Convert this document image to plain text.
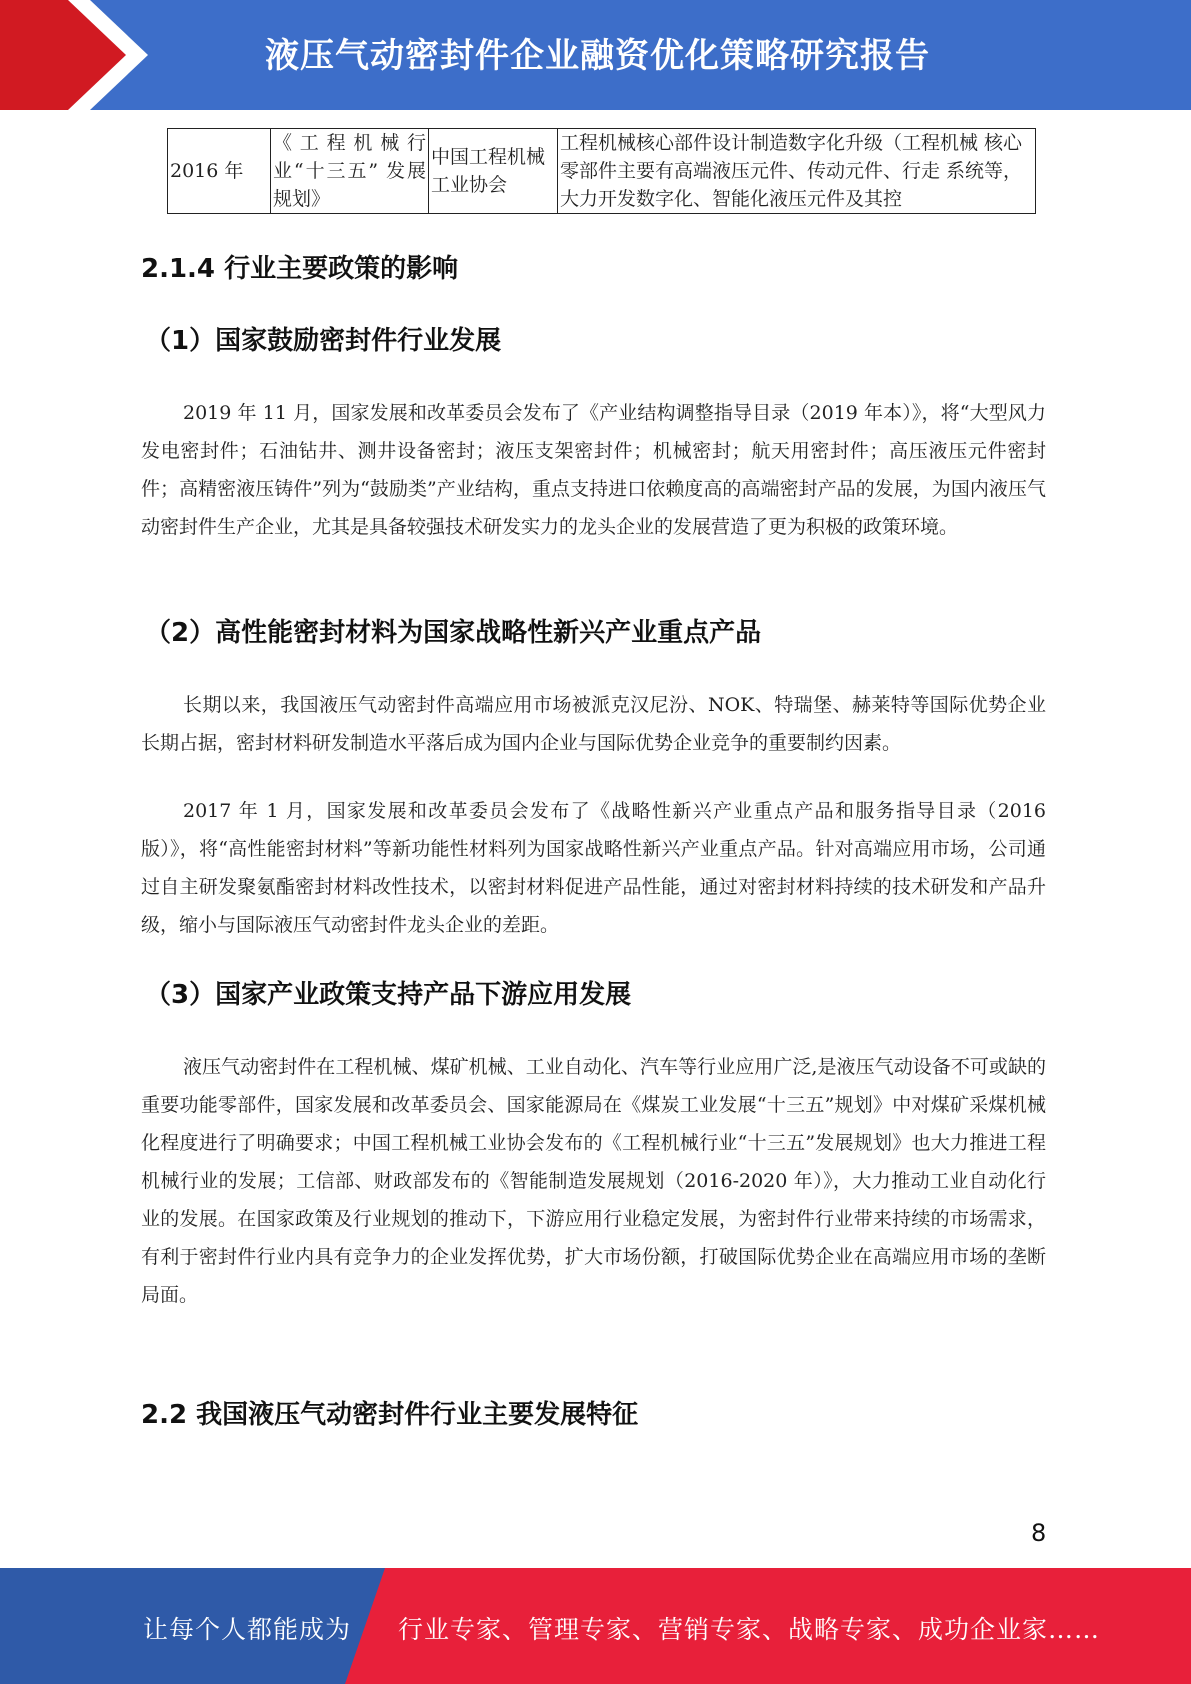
液压气动密封件企业融资优化策略研究报告
2016 年	《工程机械行 业“十三五” 发展规划》	中国工程机械工业协会	工程机械核心部件设计制造数字化升级（工程机械 核心零部件主要有高端液压元件、传动元件、行走 系统等，大力开发数字化、智能化液压元件及其控
2.1.4 行业主要政策的影响
（1）国家鼓励密封件行业发展

2019 年 11 月，国家发展和改革委员会发布了《产业结构调整指导目录（2019 年本）》，将“大型风力发电密封件；石油钻井、测井设备密封；液压支架密封件；机械密封；航天用密封件；高压液压元件密封件；高精密液压铸件”列为“鼓励类”产业结构，重点支持进口依赖度高的高端密封产品的发展，为国内液压气动密封件生产企业，尤其是具备较强技术研发实力的龙头企业的发展营造了更为积极的政策环境。

（2）高性能密封材料为国家战略性新兴产业重点产品

长期以来，我国液压气动密封件高端应用市场被派克汉尼汾、NOK、特瑞堡、赫莱特等国际优势企业长期占据，密封材料研发制造水平落后成为国内企业与国际优势企业竞争的重要制约因素。

2017 年 1 月，国家发展和改革委员会发布了《战略性新兴产业重点产品和服务指导目录（2016 版）》，将“高性能密封材料”等新功能性材料列为国家战略性新兴产业重点产品。针对高端应用市场，公司通过自主研发聚氨酯密封材料改性技术，以密封材料促进产品性能，通过对密封材料持续的技术研发和产品升级，缩小与国际液压气动密封件龙头企业的差距。

（3）国家产业政策支持产品下游应用发展

液压气动密封件在工程机械、煤矿机械、工业自动化、汽车等行业应用广泛,是液压气动设备不可或缺的重要功能零部件，国家发展和改革委员会、国家能源局在《煤炭工业发展“十三五”规划》中对煤矿采煤机械化程度进行了明确要求；中国工程机械工业协会发布的《工程机械行业“十三五”发展规划》也大力推进工程机械行业的发展；工信部、财政部发布的《智能制造发展规划（2016-2020 年）》，大力推动工业自动化行业的发展。在国家政策及行业规划的推动下，下游应用行业稳定发展，为密封件行业带来持续的市场需求，有利于密封件行业内具有竞争力的企业发挥优势，扩大市场份额，打破国际优势企业在高端应用市场的垄断局面。

2.2 我国液压气动密封件行业主要发展特征
8
让每个人都能成为 行业专家、管理专家、营销专家、战略专家、成功企业家……
